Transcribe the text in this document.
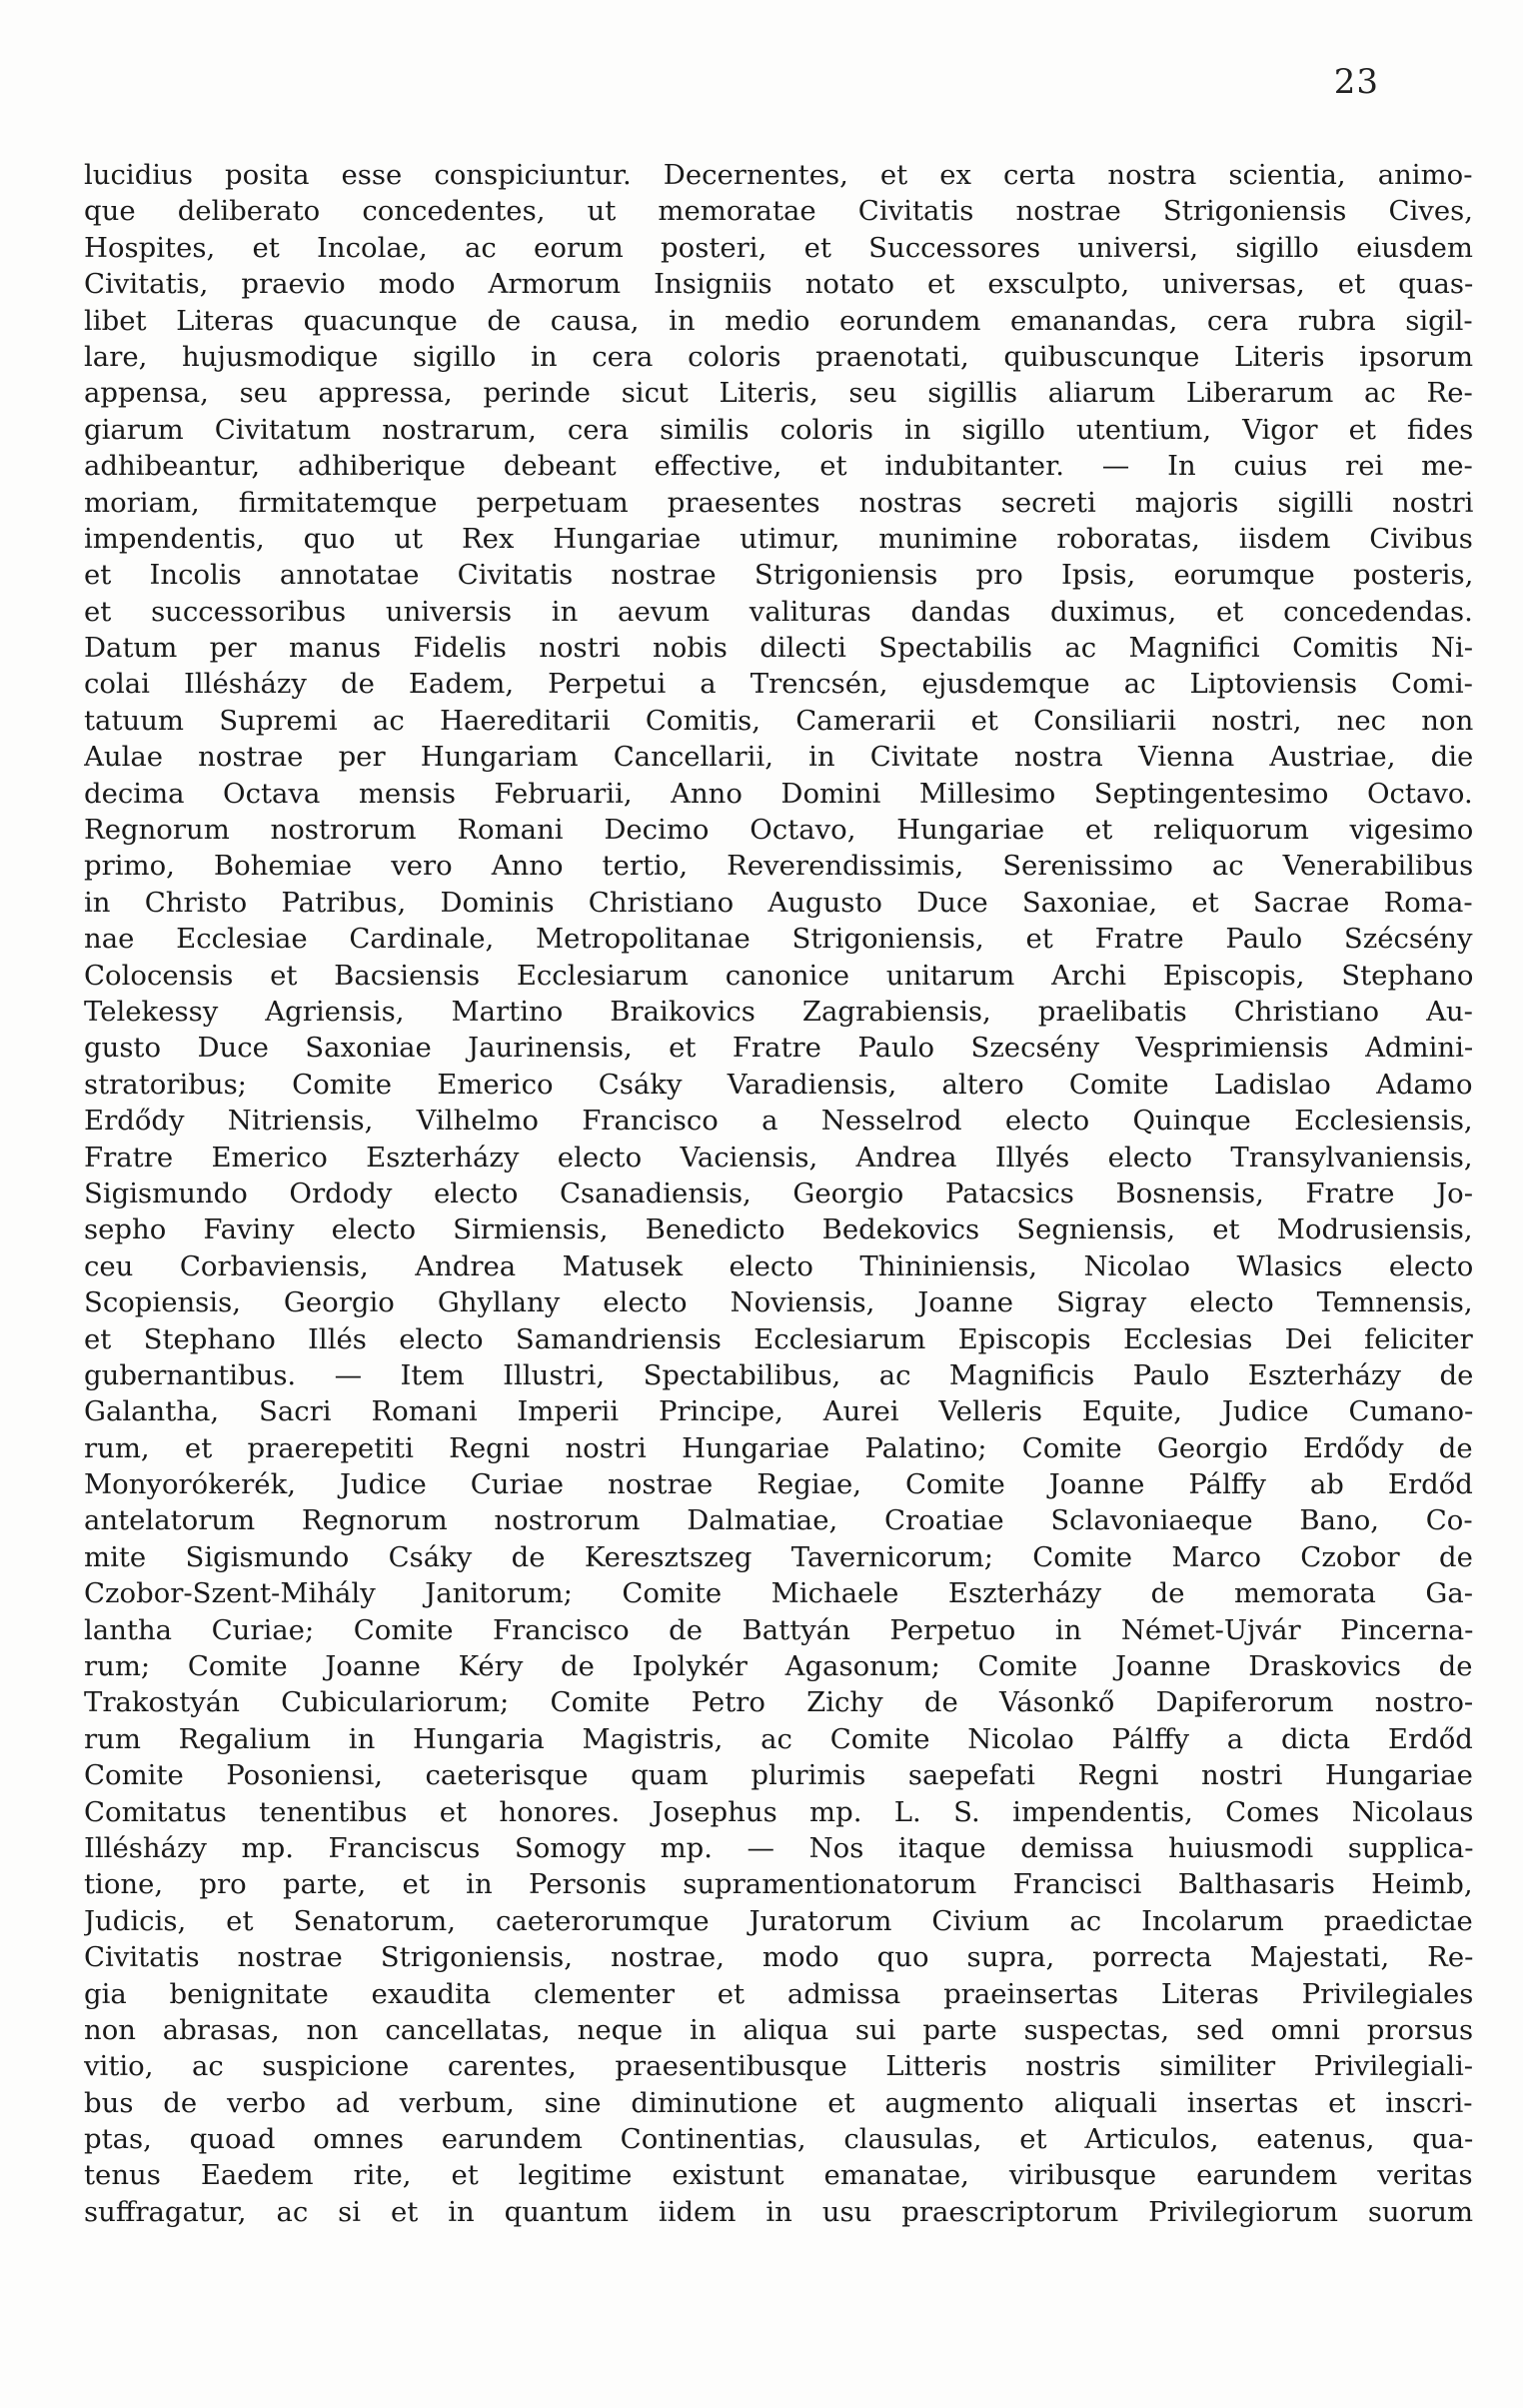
23
lucidius posita esse conspiciuntur. Decernentes, et ex certa nostra scientia, animo-
que deliberato concedentes, ut memoratae Civitatis nostrae Strigoniensis Cives,
Hospites, et Incolae, ac eorum posteri, et Successores universi, sigillo eiusdem
Civitatis, praevio modo Armorum Insigniis notato et exsculpto, universas, et quas-
libet Literas quacunque de causa, in medio eorundem emanandas, cera rubra sigil-
lare, hujusmodique sigillo in cera coloris praenotati, quibuscunque Literis ipsorum
appensa, seu appressa, perinde sicut Literis, seu sigillis aliarum Liberarum ac Re-
giarum Civitatum nostrarum, cera similis coloris in sigillo utentium, Vigor et fides
adhibeantur, adhiberique debeant effective, et indubitanter. — In cuius rei me-
moriam, firmitatemque perpetuam praesentes nostras secreti majoris sigilli nostri
impendentis, quo ut Rex Hungariae utimur, munimine roboratas, iisdem Civibus
et Incolis annotatae Civitatis nostrae Strigoniensis pro Ipsis, eorumque posteris,
et successoribus universis in aevum valituras dandas duximus, et concedendas.
Datum per manus Fidelis nostri nobis dilecti Spectabilis ac Magnifici Comitis Ni-
colai Illésházy de Eadem, Perpetui a Trencsén, ejusdemque ac Liptoviensis Comi-
tatuum Supremi ac Haereditarii Comitis, Camerarii et Consiliarii nostri, nec non
Aulae nostrae per Hungariam Cancellarii, in Civitate nostra Vienna Austriae, die
decima Octava mensis Februarii, Anno Domini Millesimo Septingentesimo Octavo.
Regnorum nostrorum Romani Decimo Octavo, Hungariae et reliquorum vigesimo
primo, Bohemiae vero Anno tertio, Reverendissimis, Serenissimo ac Venerabilibus
in Christo Patribus, Dominis Christiano Augusto Duce Saxoniae, et Sacrae Roma-
nae Ecclesiae Cardinale, Metropolitanae Strigoniensis, et Fratre Paulo Szécsény
Colocensis et Bacsiensis Ecclesiarum canonice unitarum Archi Episcopis, Stephano
Telekessy Agriensis, Martino Braikovics Zagrabiensis, praelibatis Christiano Au-
gusto Duce Saxoniae Jaurinensis, et Fratre Paulo Szecsény Vesprimiensis Admini-
stratoribus; Comite Emerico Csáky Varadiensis, altero Comite Ladislao Adamo
Erdődy Nitriensis, Vilhelmo Francisco a Nesselrod electo Quinque Ecclesiensis,
Fratre Emerico Eszterházy electo Vaciensis, Andrea Illyés electo Transylvaniensis,
Sigismundo Ordody electo Csanadiensis, Georgio Patacsics Bosnensis, Fratre Jo-
sepho Faviny electo Sirmiensis, Benedicto Bedekovics Segniensis, et Modrusiensis,
ceu Corbaviensis, Andrea Matusek electo Thininiensis, Nicolao Wlasics electo
Scopiensis, Georgio Ghyllany electo Noviensis, Joanne Sigray electo Temnensis,
et Stephano Illés electo Samandriensis Ecclesiarum Episcopis Ecclesias Dei feliciter
gubernantibus. — Item Illustri, Spectabilibus, ac Magnificis Paulo Eszterházy de
Galantha, Sacri Romani Imperii Principe, Aurei Velleris Equite, Judice Cumano-
rum, et praerepetiti Regni nostri Hungariae Palatino; Comite Georgio Erdődy de
Monyorókerék, Judice Curiae nostrae Regiae, Comite Joanne Pálffy ab Erdőd
antelatorum Regnorum nostrorum Dalmatiae, Croatiae Sclavoniaeque Bano, Co-
mite Sigismundo Csáky de Keresztszeg Tavernicorum; Comite Marco Czobor de
Czobor-Szent-Mihály Janitorum; Comite Michaele Eszterházy de memorata Ga-
lantha Curiae; Comite Francisco de Battyán Perpetuo in Német-Ujvár Pincerna-
rum; Comite Joanne Kéry de Ipolykér Agasonum; Comite Joanne Draskovics de
Trakostyán Cubiculariorum; Comite Petro Zichy de Vásonkő Dapiferorum nostro-
rum Regalium in Hungaria Magistris, ac Comite Nicolao Pálffy a dicta Erdőd
Comite Posoniensi, caeterisque quam plurimis saepefati Regni nostri Hungariae
Comitatus tenentibus et honores. Josephus mp. L. S. impendentis, Comes Nicolaus
Illésházy mp. Franciscus Somogy mp. — Nos itaque demissa huiusmodi supplica-
tione, pro parte, et in Personis supramentionatorum Francisci Balthasaris Heimb,
Judicis, et Senatorum, caeterorumque Juratorum Civium ac Incolarum praedictae
Civitatis nostrae Strigoniensis, nostrae, modo quo supra, porrecta Majestati, Re-
gia benignitate exaudita clementer et admissa praeinsertas Literas Privilegiales
non abrasas, non cancellatas, neque in aliqua sui parte suspectas, sed omni prorsus
vitio, ac suspicione carentes, praesentibusque Litteris nostris similiter Privilegiali-
bus de verbo ad verbum, sine diminutione et augmento aliquali insertas et inscri-
ptas, quoad omnes earundem Continentias, clausulas, et Articulos, eatenus, qua-
tenus Eaedem rite, et legitime existunt emanatae, viribusque earundem veritas
suffragatur, ac si et in quantum iidem in usu praescriptorum Privilegiorum suorum
